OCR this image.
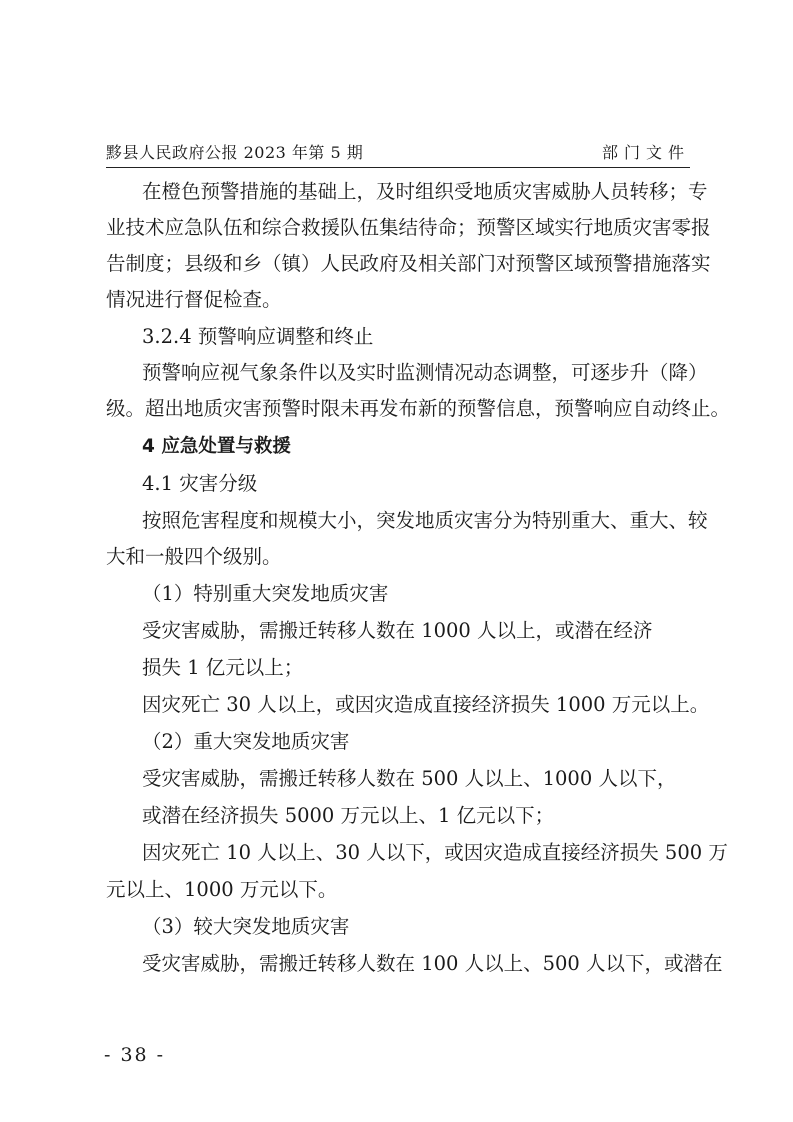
黟县人民政府公报 2023 年第 5 期	部门文件
在橙色预警措施的基础上，及时组织受地质灾害威胁人员转移；专
业技术应急队伍和综合救援队伍集结待命；预警区域实行地质灾害零报
告制度；县级和乡（镇）人民政府及相关部门对预警区域预警措施落实
情况进行督促检查。
3.2.4 预警响应调整和终止
预警响应视气象条件以及实时监测情况动态调整，可逐步升（降）
级。超出地质灾害预警时限未再发布新的预警信息，预警响应自动终止。
4 应急处置与救援
4.1 灾害分级
按照危害程度和规模大小，突发地质灾害分为特别重大、重大、较
大和一般四个级别。
（1）特别重大突发地质灾害
受灾害威胁，需搬迁转移人数在 1000 人以上，或潜在经济
损失 1 亿元以上；
因灾死亡 30 人以上，或因灾造成直接经济损失 1000 万元以上。
（2）重大突发地质灾害
受灾害威胁，需搬迁转移人数在 500 人以上、1000 人以下，
或潜在经济损失 5000 万元以上、1 亿元以下；
因灾死亡 10 人以上、30 人以下，或因灾造成直接经济损失 500 万
元以上、1000 万元以下。
（3）较大突发地质灾害
受灾害威胁，需搬迁转移人数在 100 人以上、500 人以下，或潜在
- 38 -
